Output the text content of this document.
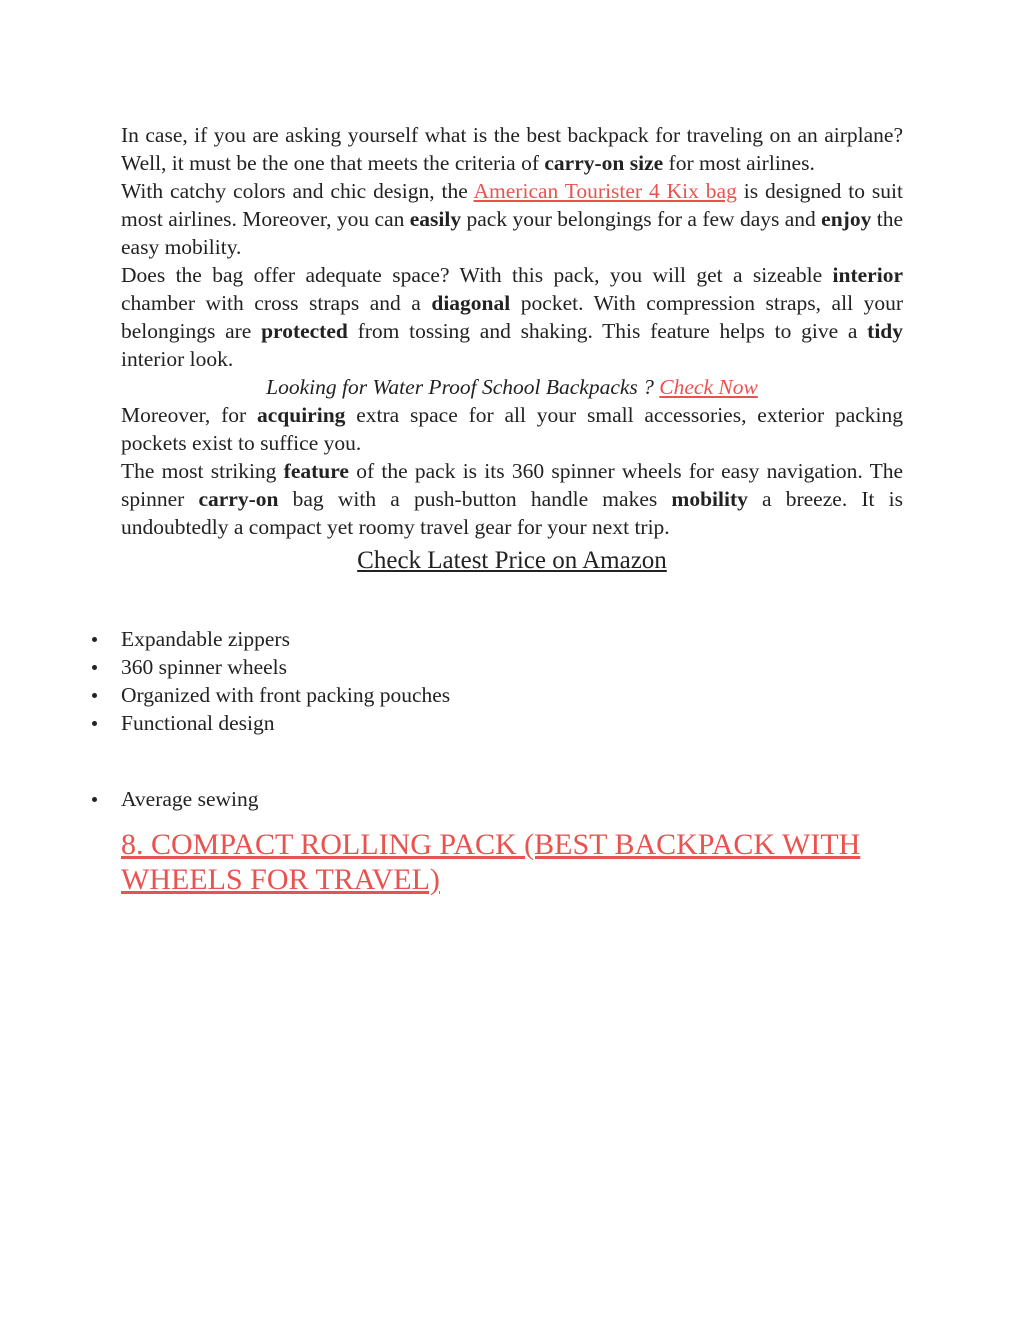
In case, if you are asking yourself what is the best backpack for traveling on an airplane? Well, it must be the one that meets the criteria of carry-on size for most airlines.

With catchy colors and chic design, the American Tourister 4 Kix bag is designed to suit most airlines. Moreover, you can easily pack your belongings for a few days and enjoy the easy mobility.

Does the bag offer adequate space? With this pack, you will get a sizeable interior chamber with cross straps and a diagonal pocket. With compression straps, all your belongings are protected from tossing and shaking. This feature helps to give a tidy interior look.

Looking for Water Proof School Backpacks ? Check Now

Moreover, for acquiring extra space for all your small accessories, exterior packing pockets exist to suffice you.

The most striking feature of the pack is its 360 spinner wheels for easy navigation. The spinner carry-on bag with a push-button handle makes mobility a breeze. It is undoubtedly a compact yet roomy travel gear for your next trip.

Check Latest Price on Amazon
Expandable zippers
360 spinner wheels
Organized with front packing pouches
Functional design
Average sewing
8. COMPACT ROLLING PACK (BEST BACKPACK WITH WHEELS FOR TRAVEL)
